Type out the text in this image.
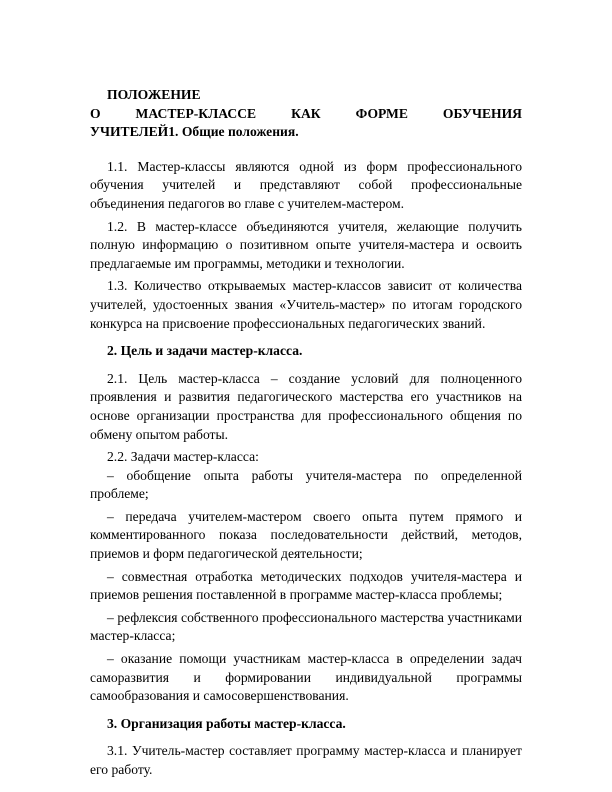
ПОЛОЖЕНИЕ

О МАСТЕР-КЛАССЕ КАК ФОРМЕ ОБУЧЕНИЯ

УЧИТЕЛЕЙ1. Общие положения.

1.1. Мастер-классы являются одной из форм профессионального обучения учителей и представляют собой профессиональные объединения педагогов во главе с учителем-мастером.

1.2. В мастер-классе объединяются учителя, желающие получить полную информацию о позитивном опыте учителя-мастера и освоить предлагаемые им программы, методики и технологии.

1.3. Количество открываемых мастер-классов зависит от количества учителей, удостоенных звания «Учитель-мастер» по итогам городского конкурса на присвоение профессиональных педагогических званий.

2. Цель и задачи мастер-класса.

2.1. Цель мастер-класса – создание условий для полноценного проявления и развития педагогического мастерства его участников на основе организации пространства для профессионального общения по обмену опытом работы.

2.2. Задачи мастер-класса:

– обобщение опыта работы учителя-мастера по определенной проблеме;

– передача учителем-мастером своего опыта путем прямого и комментированного показа последовательности действий, методов, приемов и форм педагогической деятельности;

– совместная отработка методических подходов учителя-мастера и приемов решения поставленной в программе мастер-класса проблемы;

– рефлексия собственного профессионального мастерства участниками мастер-класса;

– оказание помощи участникам мастер-класса в определении задач саморазвития и формировании индивидуальной программы самообразования и самосовершенствования.

3. Организация работы мастер-класса.

3.1. Учитель-мастер составляет программу мастер-класса и планирует его работу.
